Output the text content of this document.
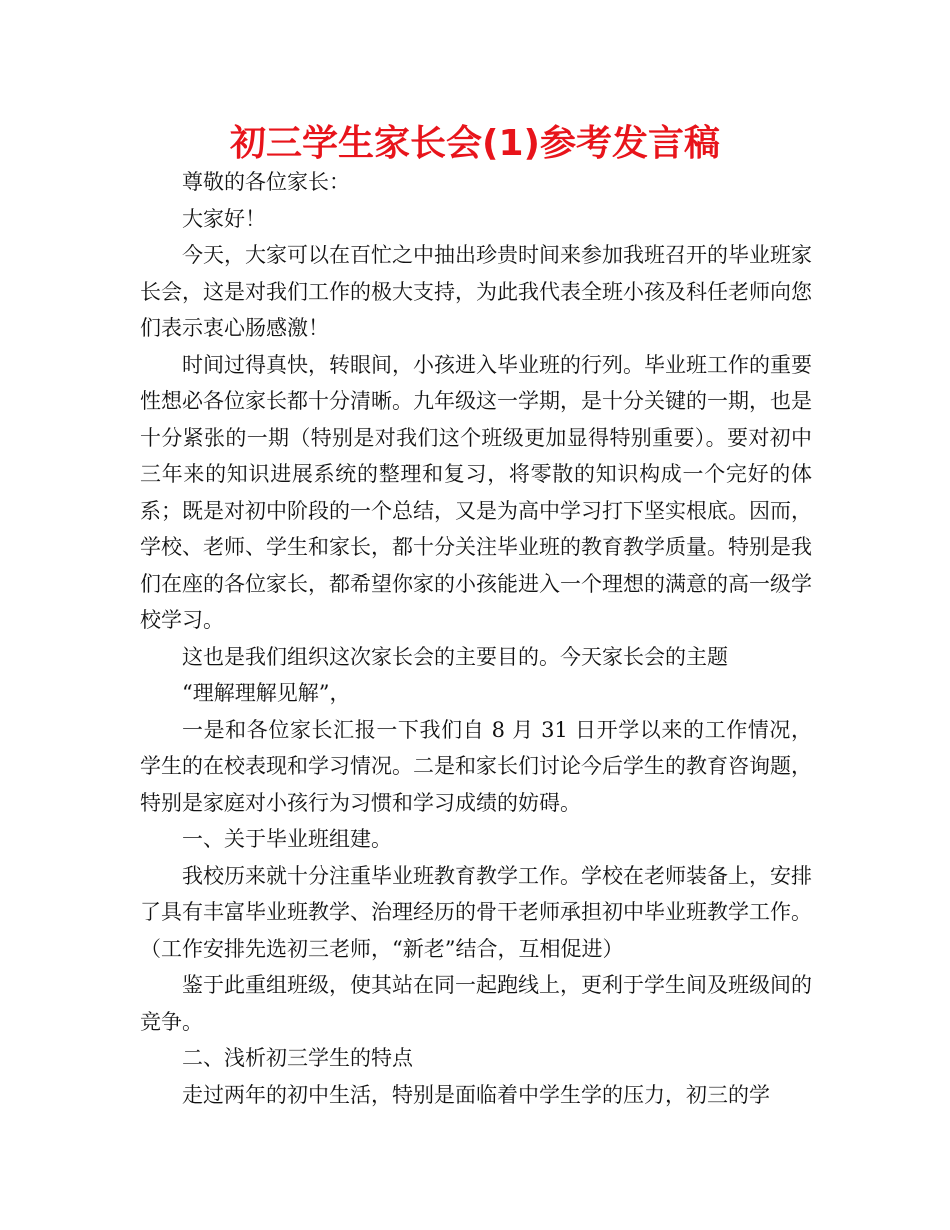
初三学生家长会(1)参考发言稿

尊敬的各位家长：

大家好！

今天，大家可以在百忙之中抽出珍贵时间来参加我班召开的毕业班家长会，这是对我们工作的极大支持，为此我代表全班小孩及科任老师向您们表示衷心肠感激！

时间过得真快，转眼间，小孩进入毕业班的行列。毕业班工作的重要性想必各位家长都十分清晰。九年级这一学期，是十分关键的一期，也是十分紧张的一期（特别是对我们这个班级更加显得特别重要）。要对初中三年来的知识进展系统的整理和复习，将零散的知识构成一个完好的体系；既是对初中阶段的一个总结，又是为高中学习打下坚实根底。因而，学校、老师、学生和家长，都十分关注毕业班的教育教学质量。特别是我们在座的各位家长，都希望你家的小孩能进入一个理想的满意的高一级学校学习。

这也是我们组织这次家长会的主要目的。今天家长会的主题

“理解理解见解”，

一是和各位家长汇报一下我们自 8 月 31 日开学以来的工作情况，学生的在校表现和学习情况。二是和家长们讨论今后学生的教育咨询题，特别是家庭对小孩行为习惯和学习成绩的妨碍。

一、关于毕业班组建。

我校历来就十分注重毕业班教育教学工作。学校在老师装备上，安排了具有丰富毕业班教学、治理经历的骨干老师承担初中毕业班教学工作。（工作安排先选初三老师，“新老”结合，互相促进）

鉴于此重组班级，使其站在同一起跑线上，更利于学生间及班级间的竞争。

二、浅析初三学生的特点

走过两年的初中生活，特别是面临着中学生学的压力，初三的学
